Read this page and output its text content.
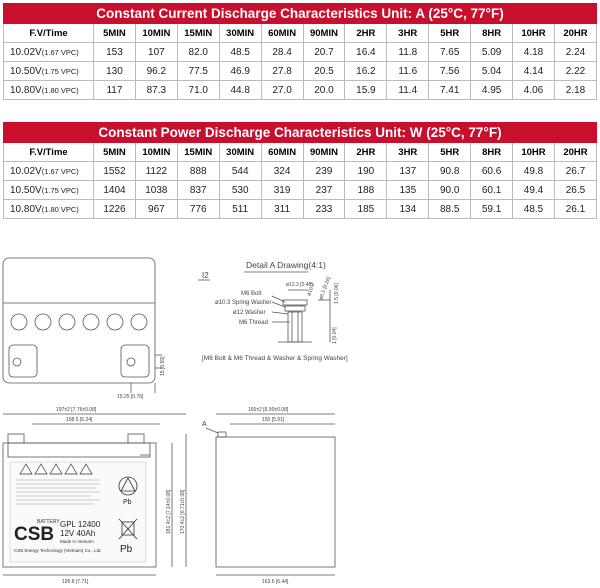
Constant Current Discharge Characteristics Unit: A (25°C, 77°F)												
F.V/Time	5MIN	10MIN	15MIN	30MIN	60MIN	90MIN	2HR	3HR	5HR	8HR	10HR	20HR
10.02V(1.67 VPC)	153	107	82.0	48.5	28.4	20.7	16.4	11.8	7.65	5.09	4.18	2.24
10.50V(1.75 VPC)	130	96.2	77.5	46.9	27.8	20.5	16.2	11.6	7.56	5.04	4.14	2.22
10.80V(1.80 VPC)	117	87.3	71.0	44.8	27.0	20.0	15.9	11.4	7.41	4.95	4.06	2.18
Constant Power Discharge Characteristics Unit: W (25°C, 77°F)												
F.V/Time	5MIN	10MIN	15MIN	30MIN	60MIN	90MIN	2HR	3HR	5HR	8HR	10HR	20HR
10.02V(1.67 VPC)	1552	1122	888	544	324	239	190	137	90.8	60.6	49.8	26.7
10.50V(1.75 VPC)	1404	1038	837	530	319	237	188	135	90.0	60.1	49.4	26.5
10.80V(1.80 VPC)	1226	967	776	511	311	233	185	134	88.5	59.1	48.5	26.1
Pb
CSB
BATTERY GPL 12400
12V 40Ah
Made in Vietnam
CSB Energy Technology (Vietnam) Co., Ltd. Pb
Detail A Drawing(4:1)
I2
M6 Bolt
ø10.3 Spring Washer
ø12 Washer
M6 Thread
ø12.3 [0.48]
ø10.3 ø6.5 [0.26] 1.5 [0.06]
1 [0.04]
[M6 Bolt & M6 Thread & Washer & Spring Washer]
15 [0.59]
19.25 [0.76]
197±2 [7.76±0.08]
158.5 [6.24]
181.4±2 [7.14±0.08] 170.4±2 [6.71±0.08]
195.8 [7.71]
165±2 [6.50±0.08]
150 [5.91]
163.6 [6.44]
A
